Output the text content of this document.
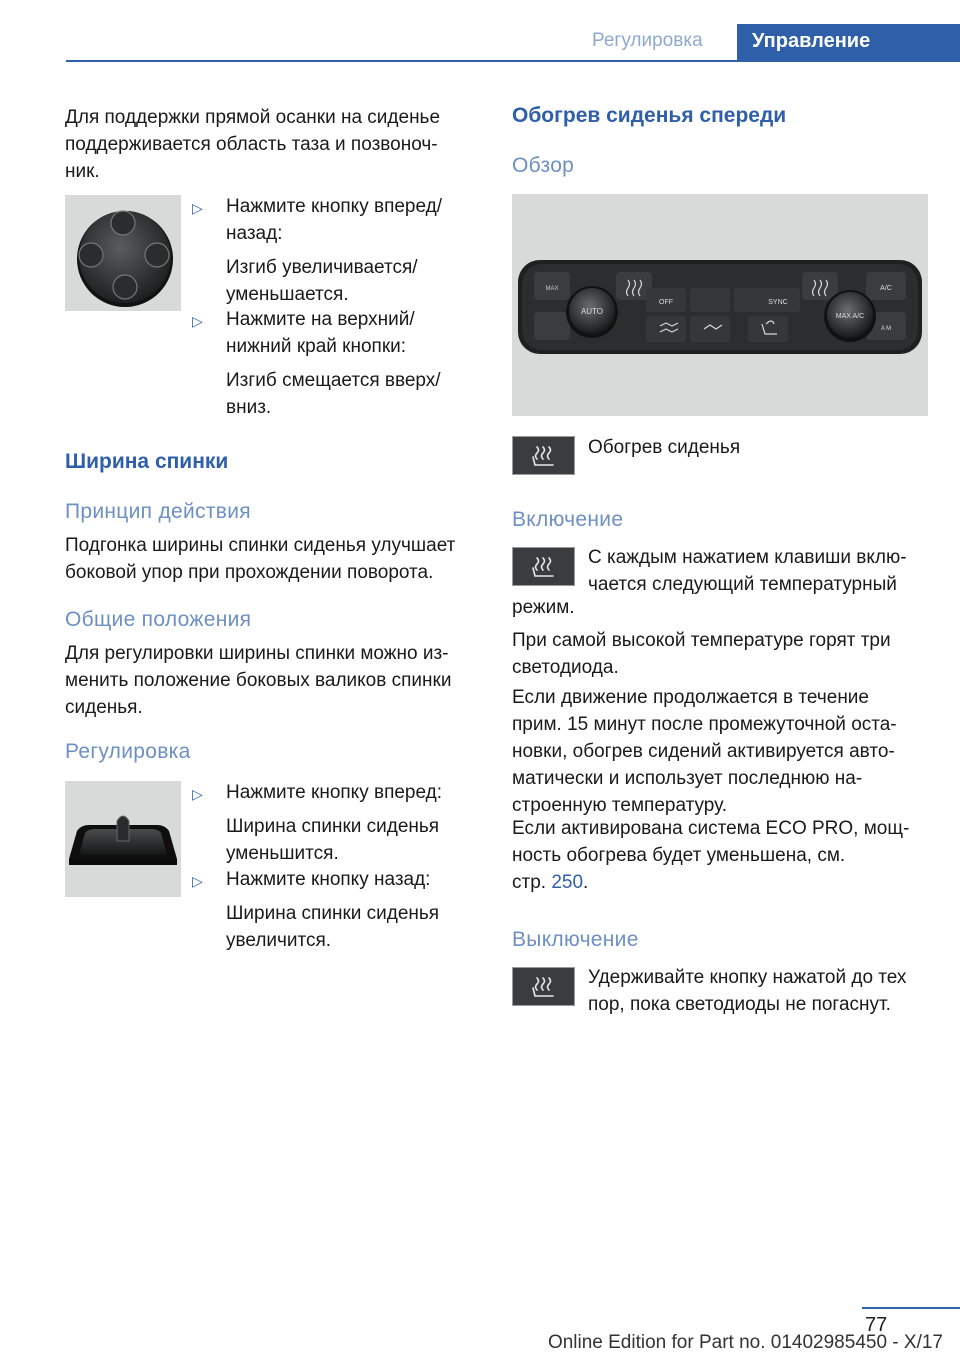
Регулировка	Управление
Для поддержки прямой осанки на сиденье
поддерживается область таза и позвоноч-
ник.
▷ Нажмите кнопку вперед/
назад:
Изгиб увеличивается/
уменьшается.
▷ Нажмите на верхний/
нижний край кнопки:
Изгиб смещается вверх/
вниз.
Ширина спинки
Принцип действия
Подгонка ширины спинки сиденья улучшает
боковой упор при прохождении поворота.
Общие положения
Для регулировки ширины спинки можно из-
менить положение боковых валиков спинки
сиденья.
Регулировка
▷ Нажмите кнопку вперед:
Ширина спинки сиденья
уменьшится.
▷ Нажмите кнопку назад:
Ширина спинки сиденья
увеличится.
Обогрев сиденья спереди
Обзор
AUTO
OFF	SYNC
A/C
MAX A/C
A M
MAX
Обогрев сиденья
Включение
С каждым нажатием клавиши вклю-
чается следующий температурный
режим.
При самой высокой температуре горят три
светодиода.
Если движение продолжается в течение
прим. 15 минут после промежуточной оста-
новки, обогрев сидений активируется авто-
матически и использует последнюю на-
строенную температуру.
Если активирована система ECO PRO, мощ-
ность обогрева будет уменьшена, см.
стр. 250.
Выключение
Удерживайте кнопку нажатой до тех
пор, пока светодиоды не погаснут.
77
Online Edition for Part no. 01402985450 - X/17
